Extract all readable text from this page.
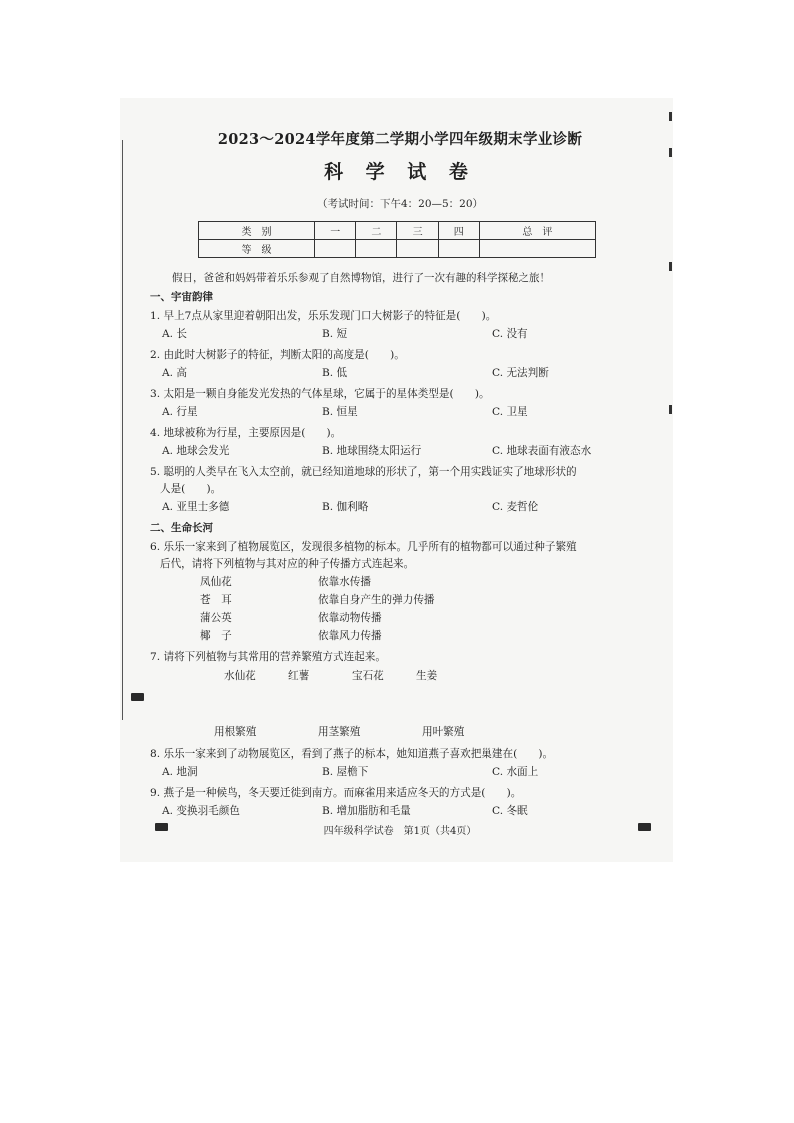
2023～2024学年度第二学期小学四年级期末学业诊断
科 学 试 卷
（考试时间：下午4：20—5：20）
类　别	一	二	三	四	总　评
等　级					
假日，爸爸和妈妈带着乐乐参观了自然博物馆，进行了一次有趣的科学探秘之旅！
一、宇宙韵律
1. 早上7点从家里迎着朝阳出发，乐乐发现门口大树影子的特征是(　　)。
A. 长	B. 短	C. 没有
2. 由此时大树影子的特征，判断太阳的高度是(　　)。
A. 高	B. 低	C. 无法判断
3. 太阳是一颗自身能发光发热的气体星球，它属于的星体类型是(　　)。
A. 行星	B. 恒星	C. 卫星
4. 地球被称为行星，主要原因是(　　)。
A. 地球会发光	B. 地球围绕太阳运行	C. 地球表面有液态水
5. 聪明的人类早在飞入太空前，就已经知道地球的形状了，第一个用实践证实了地球形状的
人是(　　)。
A. 亚里士多德	B. 伽利略	C. 麦哲伦
二、生命长河
6. 乐乐一家来到了植物展览区，发现很多植物的标本。几乎所有的植物都可以通过种子繁殖
后代，请将下列植物与其对应的种子传播方式连起来。
凤仙花	依靠水传播
苍　耳	依靠自身产生的弹力传播
蒲公英	依靠动物传播
椰　子	依靠风力传播
7. 请将下列植物与其常用的营养繁殖方式连起来。
水仙花	红薯	宝石花	生姜
用根繁殖	用茎繁殖	用叶繁殖
8. 乐乐一家来到了动物展览区，看到了燕子的标本，她知道燕子喜欢把巢建在(　　)。
A. 地洞	B. 屋檐下	C. 水面上
9. 燕子是一种候鸟，冬天要迁徙到南方。而麻雀用来适应冬天的方式是(　　)。
A. 变换羽毛颜色	B. 增加脂肪和毛量	C. 冬眠
四年级科学试卷　第1页（共4页）
